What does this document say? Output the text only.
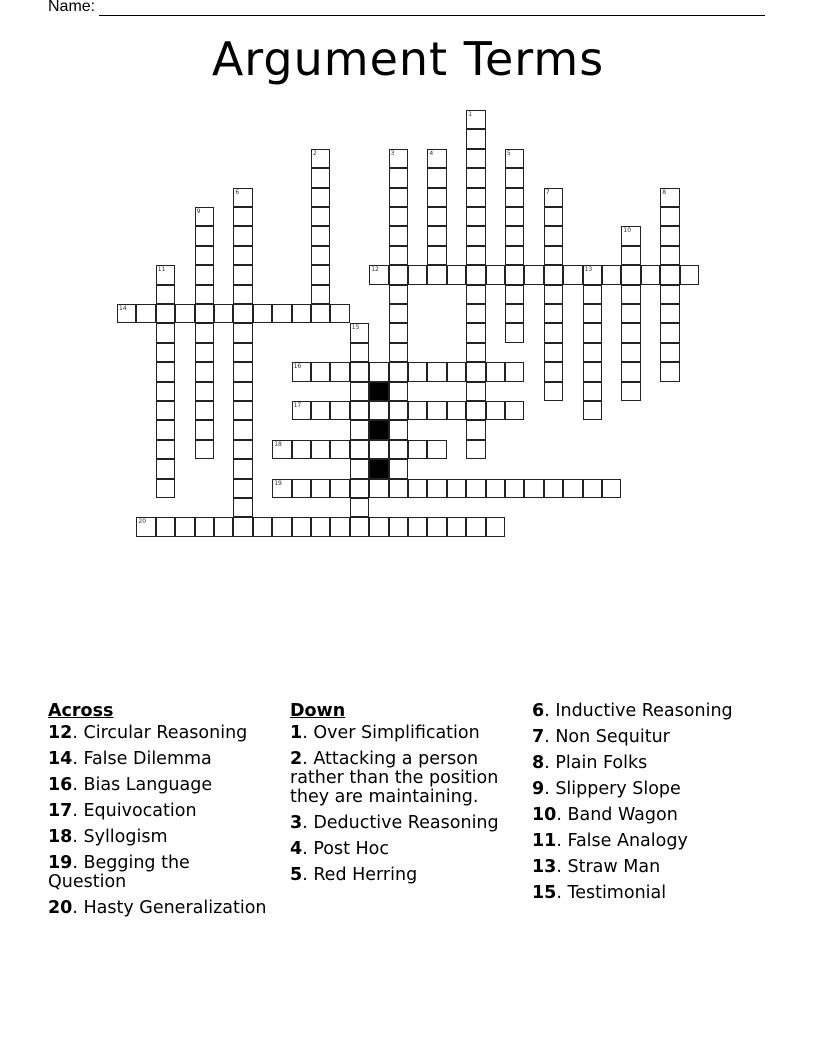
Name:
Argument Terms
1
2	3	4	5
6	7	8
9
10
11	12	13
14
15
16
17
18
19
20
Across
12. Circular Reasoning
14. False Dilemma
16. Bias Language
17. Equivocation
18. Syllogism
19. Begging the Question
20. Hasty Generalization
Down
1. Over Simplification
2. Attacking a person rather than the position they are maintaining.
3. Deductive Reasoning
4. Post Hoc
5. Red Herring
6. Inductive Reasoning
7. Non Sequitur
8. Plain Folks
9. Slippery Slope
10. Band Wagon
11. False Analogy
13. Straw Man
15. Testimonial
